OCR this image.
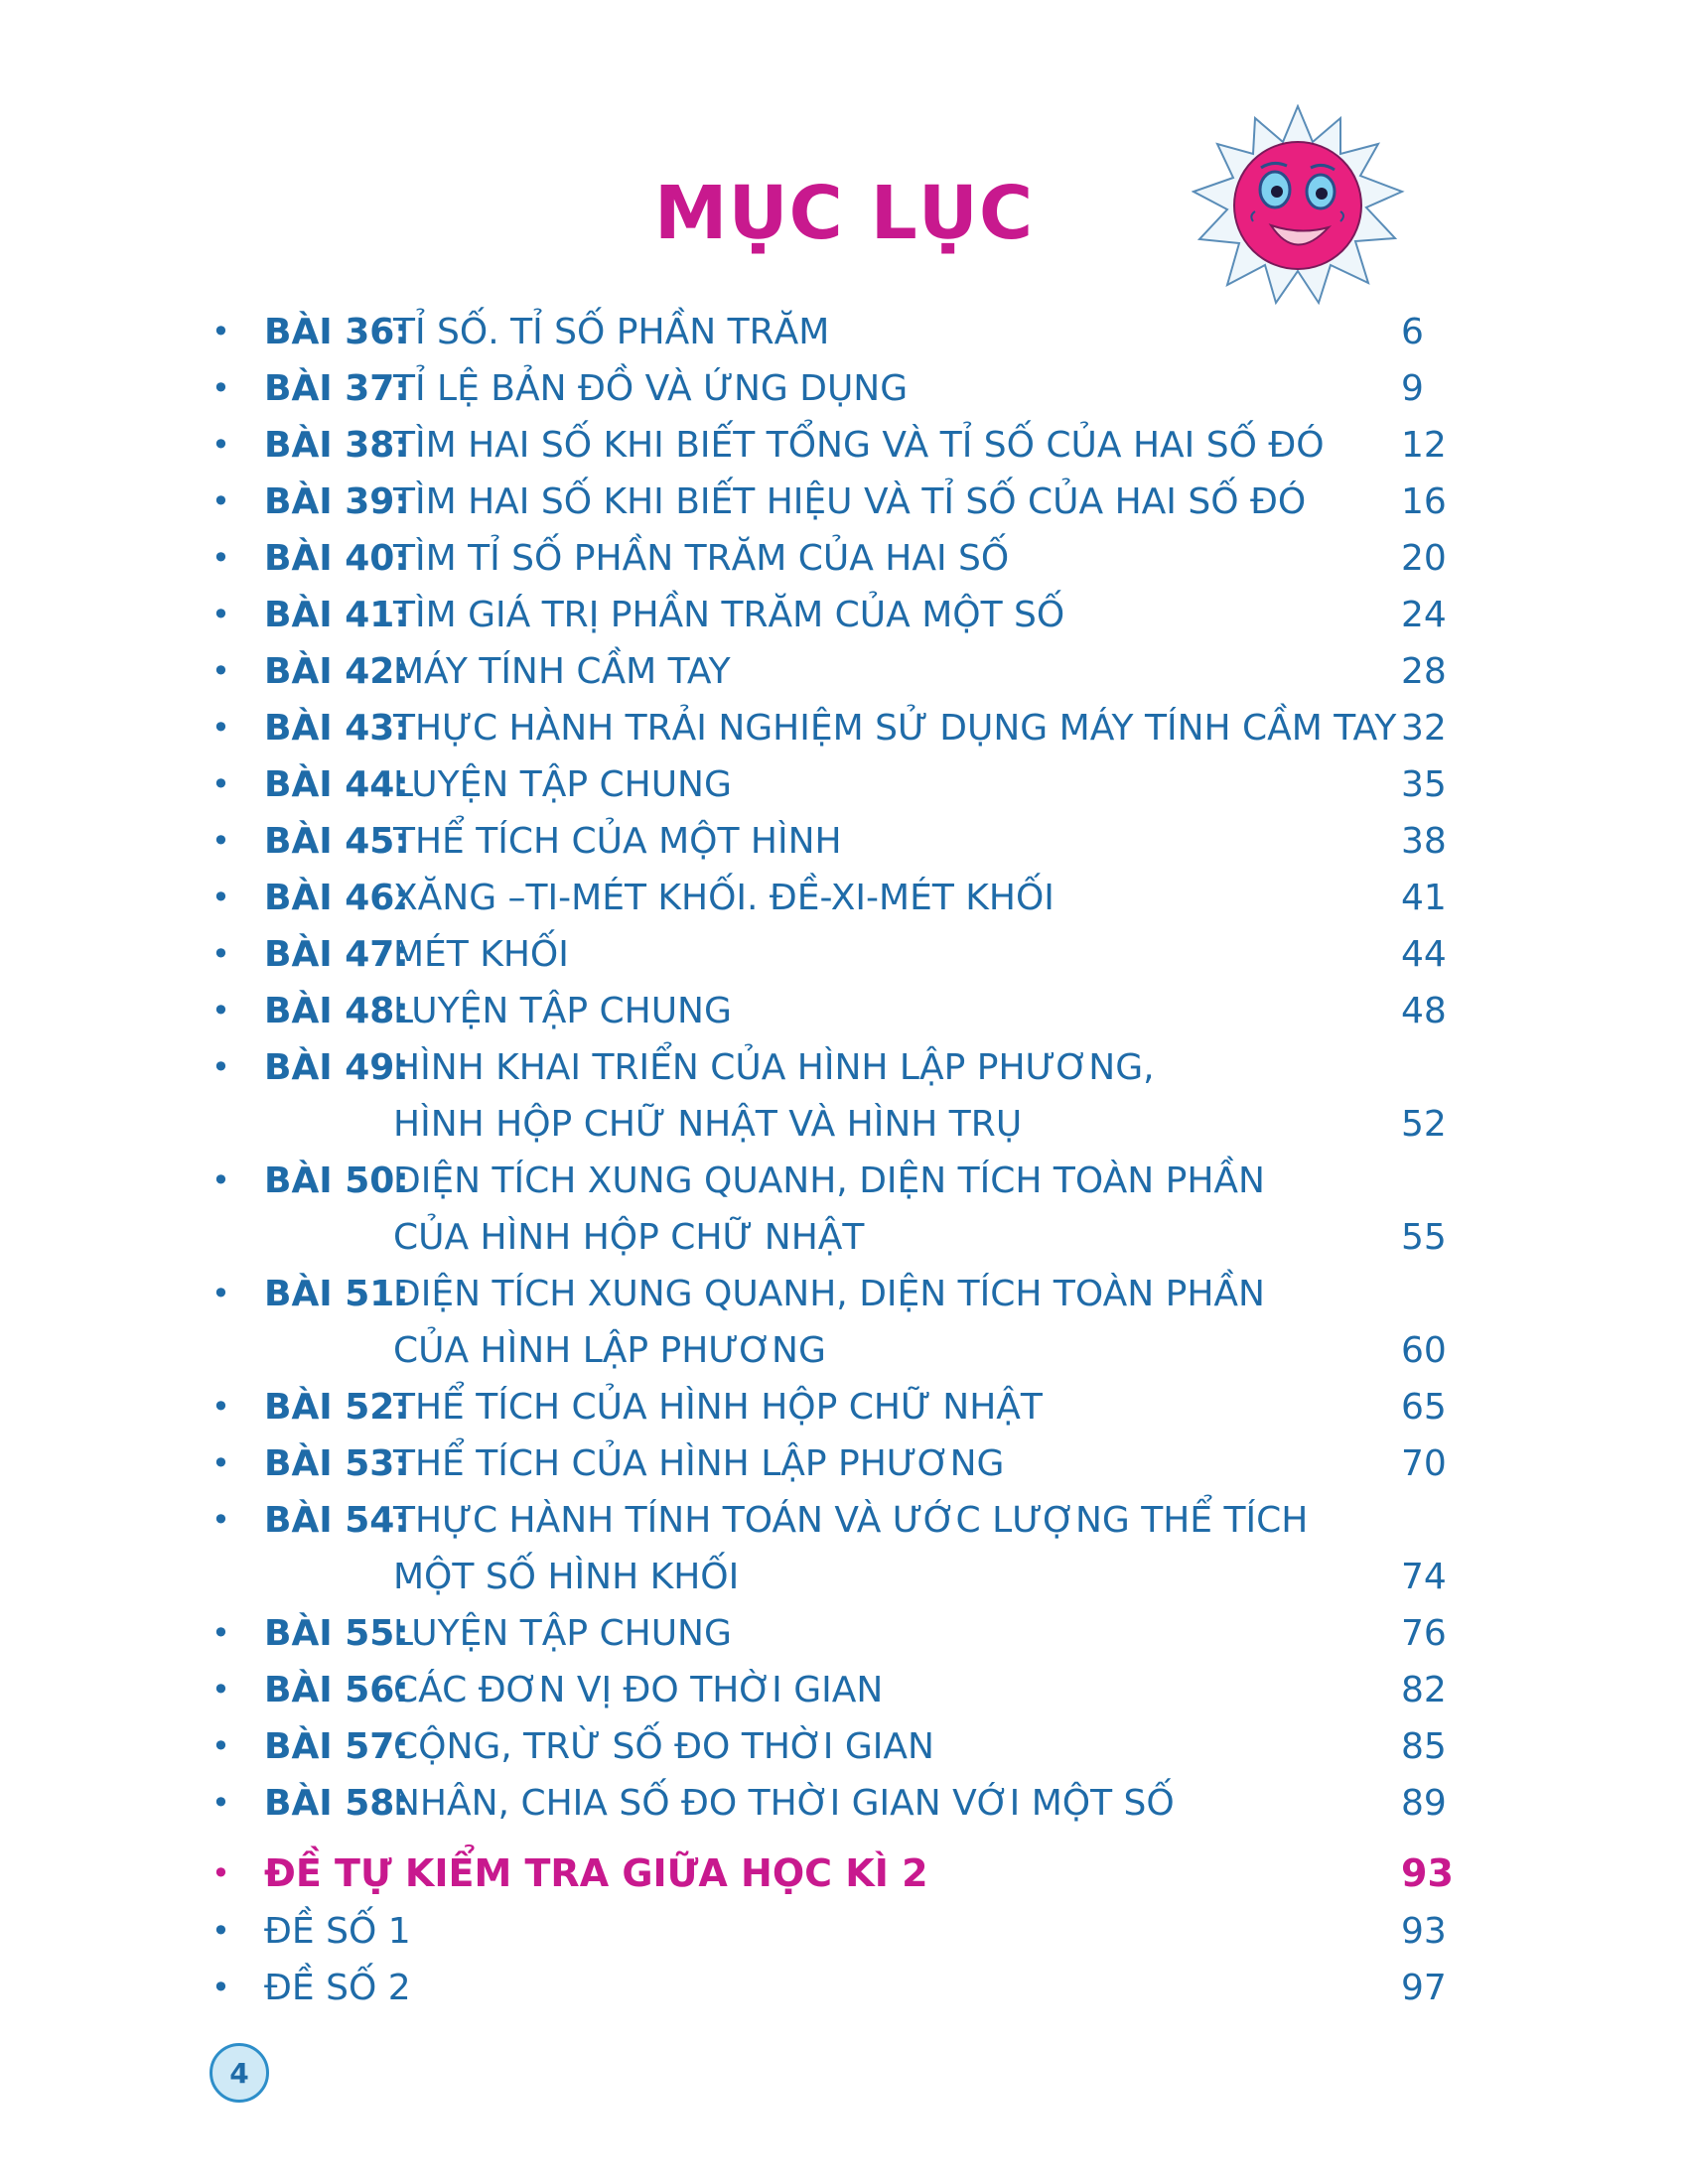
MỤC LỤC
• BÀI 36:
TỈ SỐ. TỈ SỐ PHẦN TRĂM	6
• BÀI 37:
TỈ LỆ BẢN ĐỒ VÀ ỨNG DỤNG	9
• BÀI 38:
TÌM HAI SỐ KHI BIẾT TỔNG VÀ TỈ SỐ CỦA HAI SỐ ĐÓ 12
• BÀI 39:
TÌM HAI SỐ KHI BIẾT HIỆU VÀ TỈ SỐ CỦA HAI SỐ ĐÓ	16
• BÀI 40:
TÌM TỈ SỐ PHẦN TRĂM CỦA HAI SỐ	20
• BÀI 41:
TÌM GIÁ TRỊ PHẦN TRĂM CỦA MỘT SỐ	24
• BÀI 42:
MÁY TÍNH CẦM TAY	28
• BÀI 43:
THỰC HÀNH TRẢI NGHIỆM SỬ DỤNG MÁY TÍNH CẦM TAY 32
• BÀI 44:
LUYỆN TẬP CHUNG	35
• BÀI 45:
THỂ TÍCH CỦA MỘT HÌNH	38
• BÀI 46:
XĂNG –TI-MÉT KHỐI. ĐỀ-XI-MÉT KHỐI	41
• BÀI 47:
MÉT KHỐI	44
• BÀI 48:
LUYỆN TẬP CHUNG	48
• BÀI 49:
HÌNH KHAI TRIỂN CỦA HÌNH LẬP PHƯƠNG,
HÌNH HỘP CHỮ NHẬT VÀ HÌNH TRỤ	52
• BÀI 50:
DIỆN TÍCH XUNG QUANH, DIỆN TÍCH TOÀN PHẦN
CỦA HÌNH HỘP CHỮ NHẬT	55
• BÀI 51:
DIỆN TÍCH XUNG QUANH, DIỆN TÍCH TOÀN PHẦN
CỦA HÌNH LẬP PHƯƠNG	60
• BÀI 52:
THỂ TÍCH CỦA HÌNH HỘP CHỮ NHẬT	65
• BÀI 53:
THỂ TÍCH CỦA HÌNH LẬP PHƯƠNG	70
• BÀI 54:
THỰC HÀNH TÍNH TOÁN VÀ ƯỚC LƯỢNG THỂ TÍCH
MỘT SỐ HÌNH KHỐI	74
• BÀI 55:
LUYỆN TẬP CHUNG	76
• BÀI 56:
CÁC ĐƠN VỊ ĐO THỜI GIAN	82
• BÀI 57:
CỘNG, TRỪ SỐ ĐO THỜI GIAN	85
• BÀI 58:
NHÂN, CHIA SỐ ĐO THỜI GIAN VỚI MỘT SỐ	89
• ĐỀ TỰ KIỂM TRA GIỮA HỌC KÌ 2	93
• ĐỀ SỐ 1	93
• ĐỀ SỐ 2	97
4
